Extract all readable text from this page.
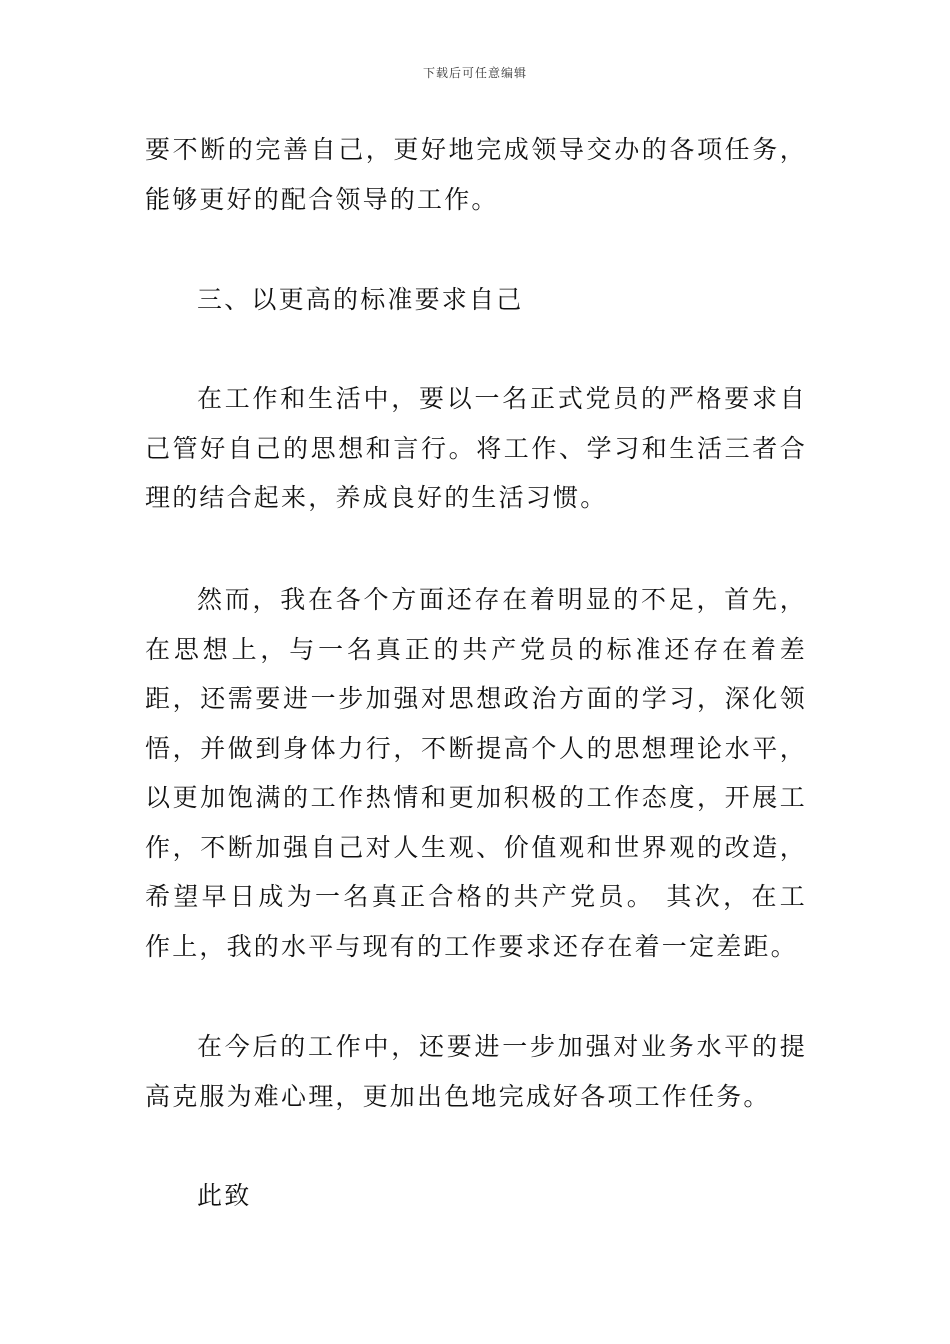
下载后可任意编辑

要不断的完善自己，更好地完成领导交办的各项任务，能够更好的配合领导的工作。

三、以更高的标准要求自己

在工作和生活中，要以一名正式党员的严格要求自己管好自己的思想和言行。将工作、学习和生活三者合理的结合起来，养成良好的生活习惯。

然而，我在各个方面还存在着明显的不足，首先，在思想上，与一名真正的共产党员的标准还存在着差距，还需要进一步加强对思想政治方面的学习，深化领悟，并做到身体力行，不断提高个人的思想理论水平，以更加饱满的工作热情和更加积极的工作态度，开展工作，不断加强自己对人生观、价值观和世界观的改造，希望早日成为一名真正合格的共产党员。 其次，在工作上，我的水平与现有的工作要求还存在着一定差距。

在今后的工作中，还要进一步加强对业务水平的提高克服为难心理，更加出色地完成好各项工作任务。

此致
